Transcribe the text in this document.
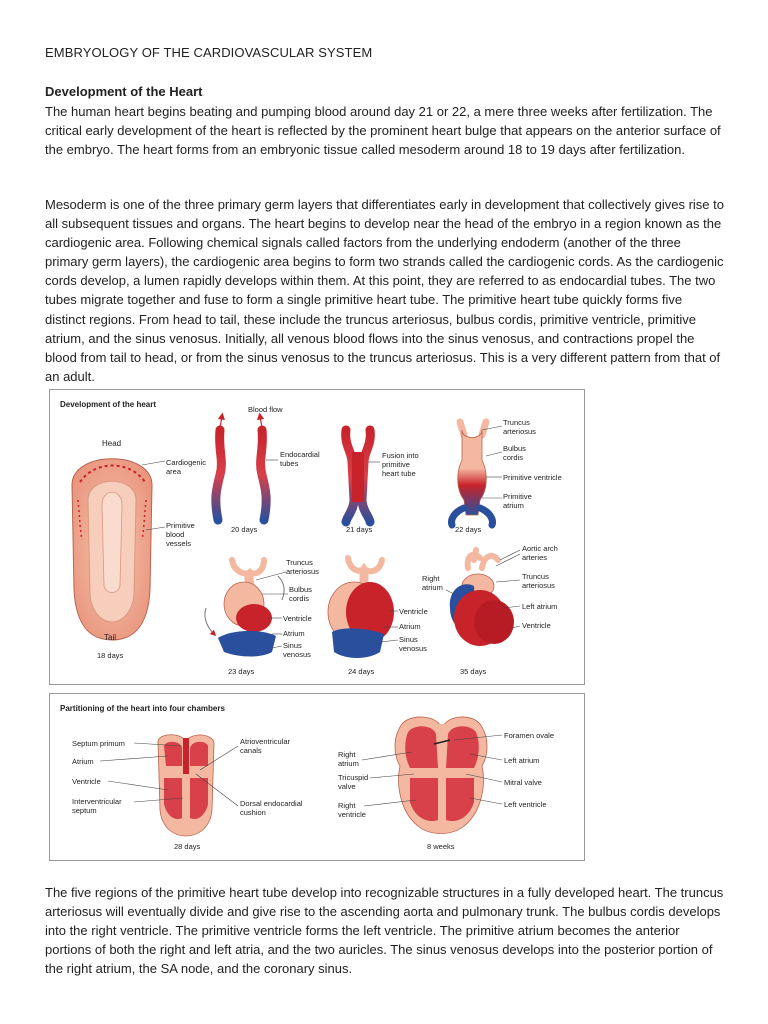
EMBRYOLOGY OF THE CARDIOVASCULAR SYSTEM
Development of the Heart

The human heart begins beating and pumping blood around day 21 or 22, a mere three weeks after fertilization. The critical early development of the heart is reflected by the prominent heart bulge that appears on the anterior surface of the embryo. The heart forms from an embryonic tissue called mesoderm around 18 to 19 days after fertilization.

Mesoderm is one of the three primary germ layers that differentiates early in development that collectively gives rise to all subsequent tissues and organs. The heart begins to develop near the head of the embryo in a region known as the cardiogenic area. Following chemical signals called factors from the underlying endoderm (another of the three primary germ layers), the cardiogenic area begins to form two strands called the cardiogenic cords. As the cardiogenic cords develop, a lumen rapidly develops within them. At this point, they are referred to as endocardial tubes. The two tubes migrate together and fuse to form a single primitive heart tube. The primitive heart tube quickly forms five distinct regions. From head to tail, these include the truncus arteriosus, bulbus cordis, primitive ventricle, primitive atrium, and the sinus venosus. Initially, all venous blood flows into the sinus venosus, and contractions propel the blood from tail to head, or from the sinus venosus to the truncus arteriosus. This is a very different pattern from that of an adult.

Development of the heart
Head
Cardiogenic area
Primitive blood vessels
Tail
18 days
Blood flow
Endocardial tubes
20 days
Fusion into primitive heart tube
21 days
Truncus arteriosus
Bulbus cordis
Primitive ventricle
Primitive atrium
22 days
Truncus arteriosus
Bulbus cordis
Ventricle
Atrium
Sinus venosus
23 days
Ventricle
Atrium
Sinus venosus
24 days
Aortic arch arteries
Truncus arteriosus
Right atrium
Left atrium
Ventricle
35 days
Partitioning of the heart into four chambers
Septum primum
Atrium
Ventricle
Interventricular septum
Atrioventricular canals
Dorsal endocardial cushion
28 days
Foramen ovale
Right atrium	Left atrium
Tricuspid valve	Mitral valve
Right ventricle
Left ventricle
8 weeks

The five regions of the primitive heart tube develop into recognizable structures in a fully developed heart. The truncus arteriosus will eventually divide and give rise to the ascending aorta and pulmonary trunk. The bulbus cordis develops into the right ventricle. The primitive ventricle forms the left ventricle. The primitive atrium becomes the anterior portions of both the right and left atria, and the two auricles. The sinus venosus develops into the posterior portion of the right atrium, the SA node, and the coronary sinus.
